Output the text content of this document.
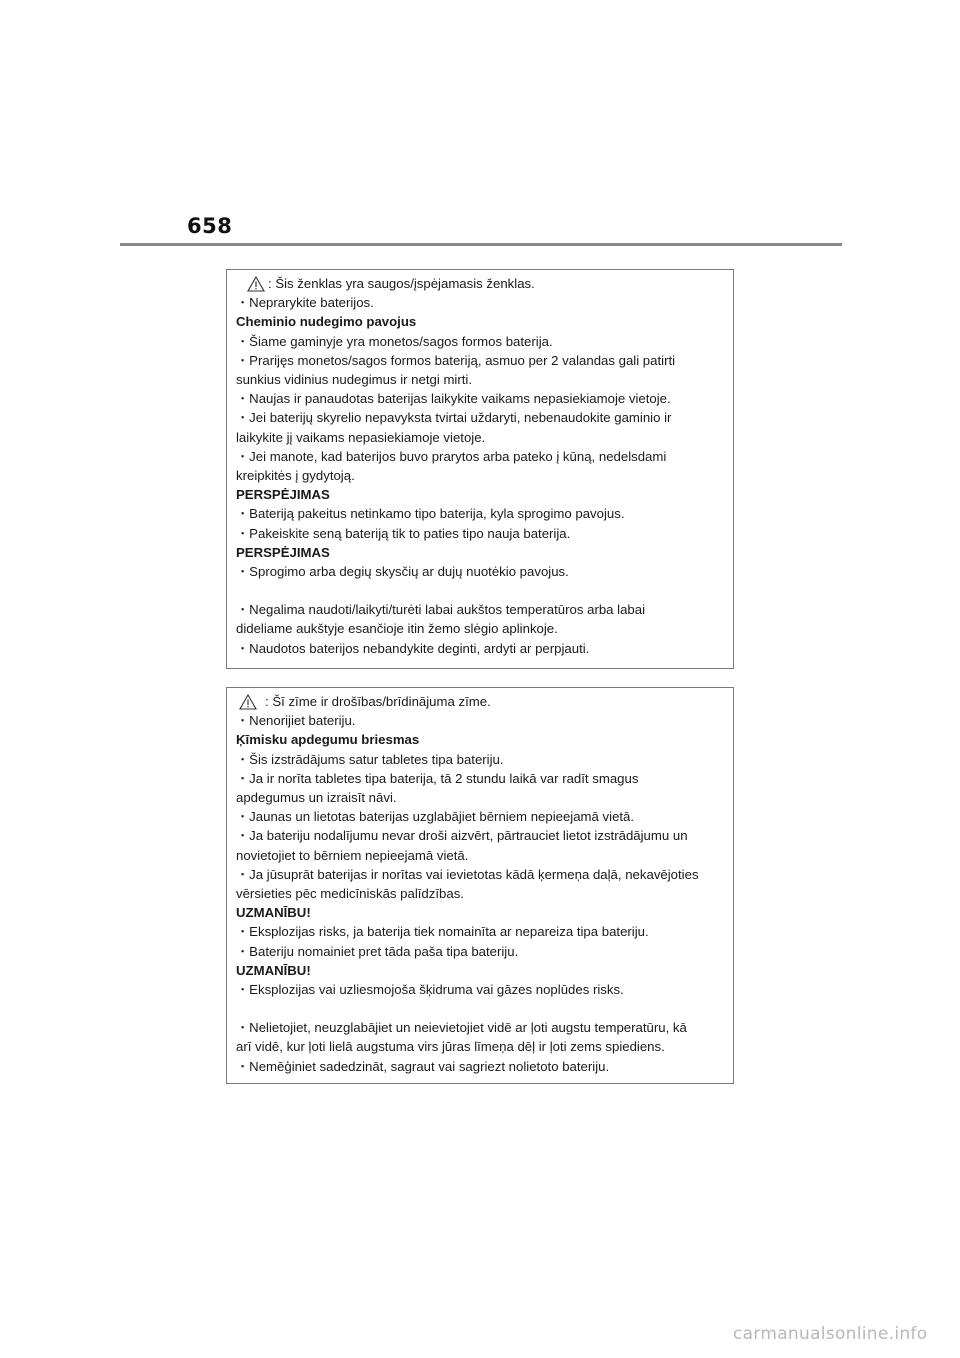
658
: Šis ženklas yra saugos/įspėjamasis ženklas.
・Neprarykite baterijos.
Cheminio nudegimo pavojus
・Šiame gaminyje yra monetos/sagos formos baterija.
・Prarijęs monetos/sagos formos bateriją, asmuo per 2 valandas gali patirti
sunkius vidinius nudegimus ir netgi mirti.
・Naujas ir panaudotas baterijas laikykite vaikams nepasiekiamoje vietoje.
・Jei baterijų skyrelio nepavyksta tvirtai uždaryti, nebenaudokite gaminio ir
laikykite jį vaikams nepasiekiamoje vietoje.
・Jei manote, kad baterijos buvo prarytos arba pateko į kūną, nedelsdami
kreipkitės į gydytoją.
PERSPĖJIMAS
・Bateriją pakeitus netinkamo tipo baterija, kyla sprogimo pavojus.
・Pakeiskite seną bateriją tik to paties tipo nauja baterija.
PERSPĖJIMAS
・Sprogimo arba degių skysčių ar dujų nuotėkio pavojus.
・Negalima naudoti/laikyti/turėti labai aukštos temperatūros arba labai
dideliame aukštyje esančioje itin žemo slėgio aplinkoje.
・Naudotos baterijos nebandykite deginti, ardyti ar perpjauti.
: Šī zīme ir drošības/brīdinājuma zīme.
・Nenorijiet bateriju.
Ķīmisku apdegumu briesmas
・Šis izstrādājums satur tabletes tipa bateriju.
・Ja ir norīta tabletes tipa baterija, tā 2 stundu laikā var radīt smagus
apdegumus un izraisīt nāvi.
・Jaunas un lietotas baterijas uzglabājiet bērniem nepieejamā vietā.
・Ja bateriju nodalījumu nevar droši aizvērt, pārtrauciet lietot izstrādājumu un
novietojiet to bērniem nepieejamā vietā.
・Ja jūsuprāt baterijas ir norītas vai ievietotas kādā ķermeņa daļā, nekavējoties
vērsieties pēc medicīniskās palīdzības.
UZMANĪBU!
・Eksplozijas risks, ja baterija tiek nomainīta ar nepareiza tipa bateriju.
・Bateriju nomainiet pret tāda paša tipa bateriju.
UZMANĪBU!
・Eksplozijas vai uzliesmojoša šķidruma vai gāzes noplūdes risks.
・Nelietojiet, neuzglabājiet un neievietojiet vidē ar ļoti augstu temperatūru, kā
arī vidē, kur ļoti lielā augstuma virs jūras līmeņa dēļ ir ļoti zems spiediens.
・Nemēģiniet sadedzināt, sagraut vai sagriezt nolietoto bateriju.
carmanualsonline.info
